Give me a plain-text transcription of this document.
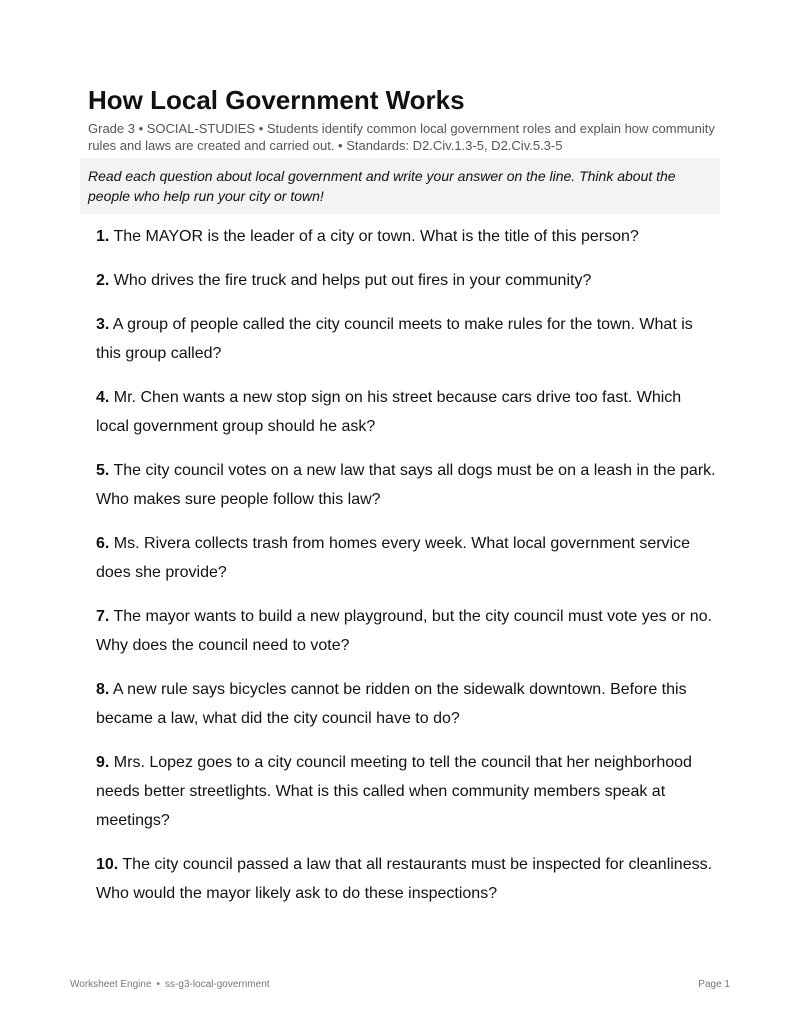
How Local Government Works

Grade 3 • SOCIAL-STUDIES • Students identify common local government roles and explain how community rules and laws are created and carried out. • Standards: D2.Civ.1.3-5, D2.Civ.5.3-5

Read each question about local government and write your answer on the line. Think about the people who help run your city or town!
1. The MAYOR is the leader of a city or town. What is the title of this person?
2. Who drives the fire truck and helps put out fires in your community?
3. A group of people called the city council meets to make rules for the town. What is this group called?
4. Mr. Chen wants a new stop sign on his street because cars drive too fast. Which local government group should he ask?
5. The city council votes on a new law that says all dogs must be on a leash in the park. Who makes sure people follow this law?
6. Ms. Rivera collects trash from homes every week. What local government service does she provide?
7. The mayor wants to build a new playground, but the city council must vote yes or no. Why does the council need to vote?
8. A new rule says bicycles cannot be ridden on the sidewalk downtown. Before this became a law, what did the city council have to do?
9. Mrs. Lopez goes to a city council meeting to tell the council that her neighborhood needs better streetlights. What is this called when community members speak at meetings?
10. The city council passed a law that all restaurants must be inspected for cleanliness. Who would the mayor likely ask to do these inspections?
Worksheet Engine • ss-g3-local-government	Page 1
